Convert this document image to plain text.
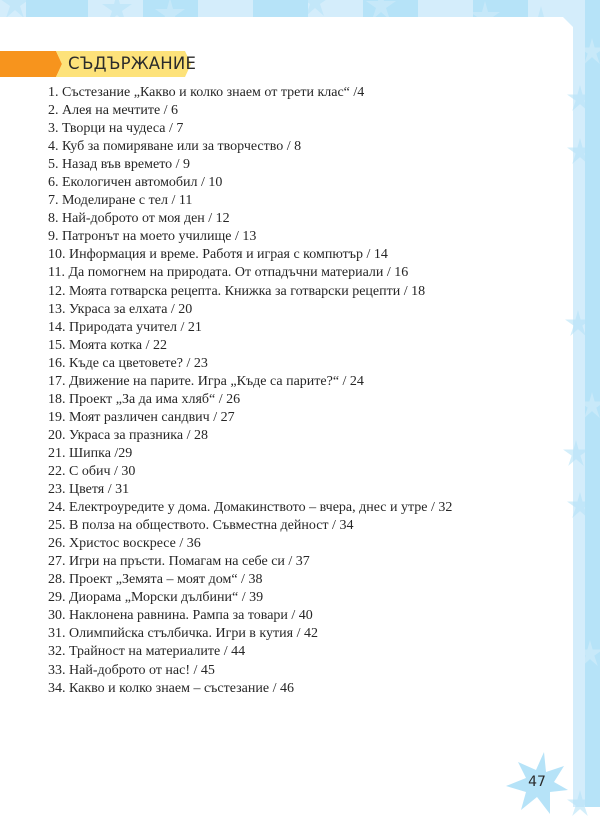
СЪДЪРЖАНИЕ
1. Състезание „Какво и колко знаем от трети клас“ /4
2. Алея на мечтите / 6
3. Творци на чудеса / 7
4. Куб за помиряване или за творчество / 8
5. Назад във времето / 9
6. Екологичен автомобил / 10
7. Моделиране с тел / 11
8. Най-доброто от моя ден / 12
9. Патронът на моето училище / 13
10. Информация и време. Работя и играя с компютър / 14
11. Да помогнем на природата. От отпадъчни материали / 16
12. Моята готварска рецепта. Книжка за готварски рецепти / 18
13. Украса за елхата / 20
14. Природата учител / 21
15. Моята котка / 22
16. Къде са цветовете? / 23
17. Движение на парите. Игра „Къде са парите?“ / 24
18. Проект „За да има хляб“ / 26
19. Моят различен сандвич / 27
20. Украса за празника / 28
21. Шипка /29
22. С обич / 30
23. Цветя / 31
24. Електроуредите у дома. Домакинството – вчера, днес и утре / 32
25. В полза на обществото. Съвместна дейност / 34
26. Христос воскресе / 36
27. Игри на пръсти. Помагам на себе си / 37
28. Проект „Земята – моят дом“ / 38
29. Диорама „Морски дълбини“ / 39
30. Наклонена равнина. Рампа за товари / 40
31. Олимпийска стълбичка. Игри в кутия / 42
32. Трайност на материалите / 44
33. Най-доброто от нас! / 45
34. Какво и колко знаем – състезание / 46
47
